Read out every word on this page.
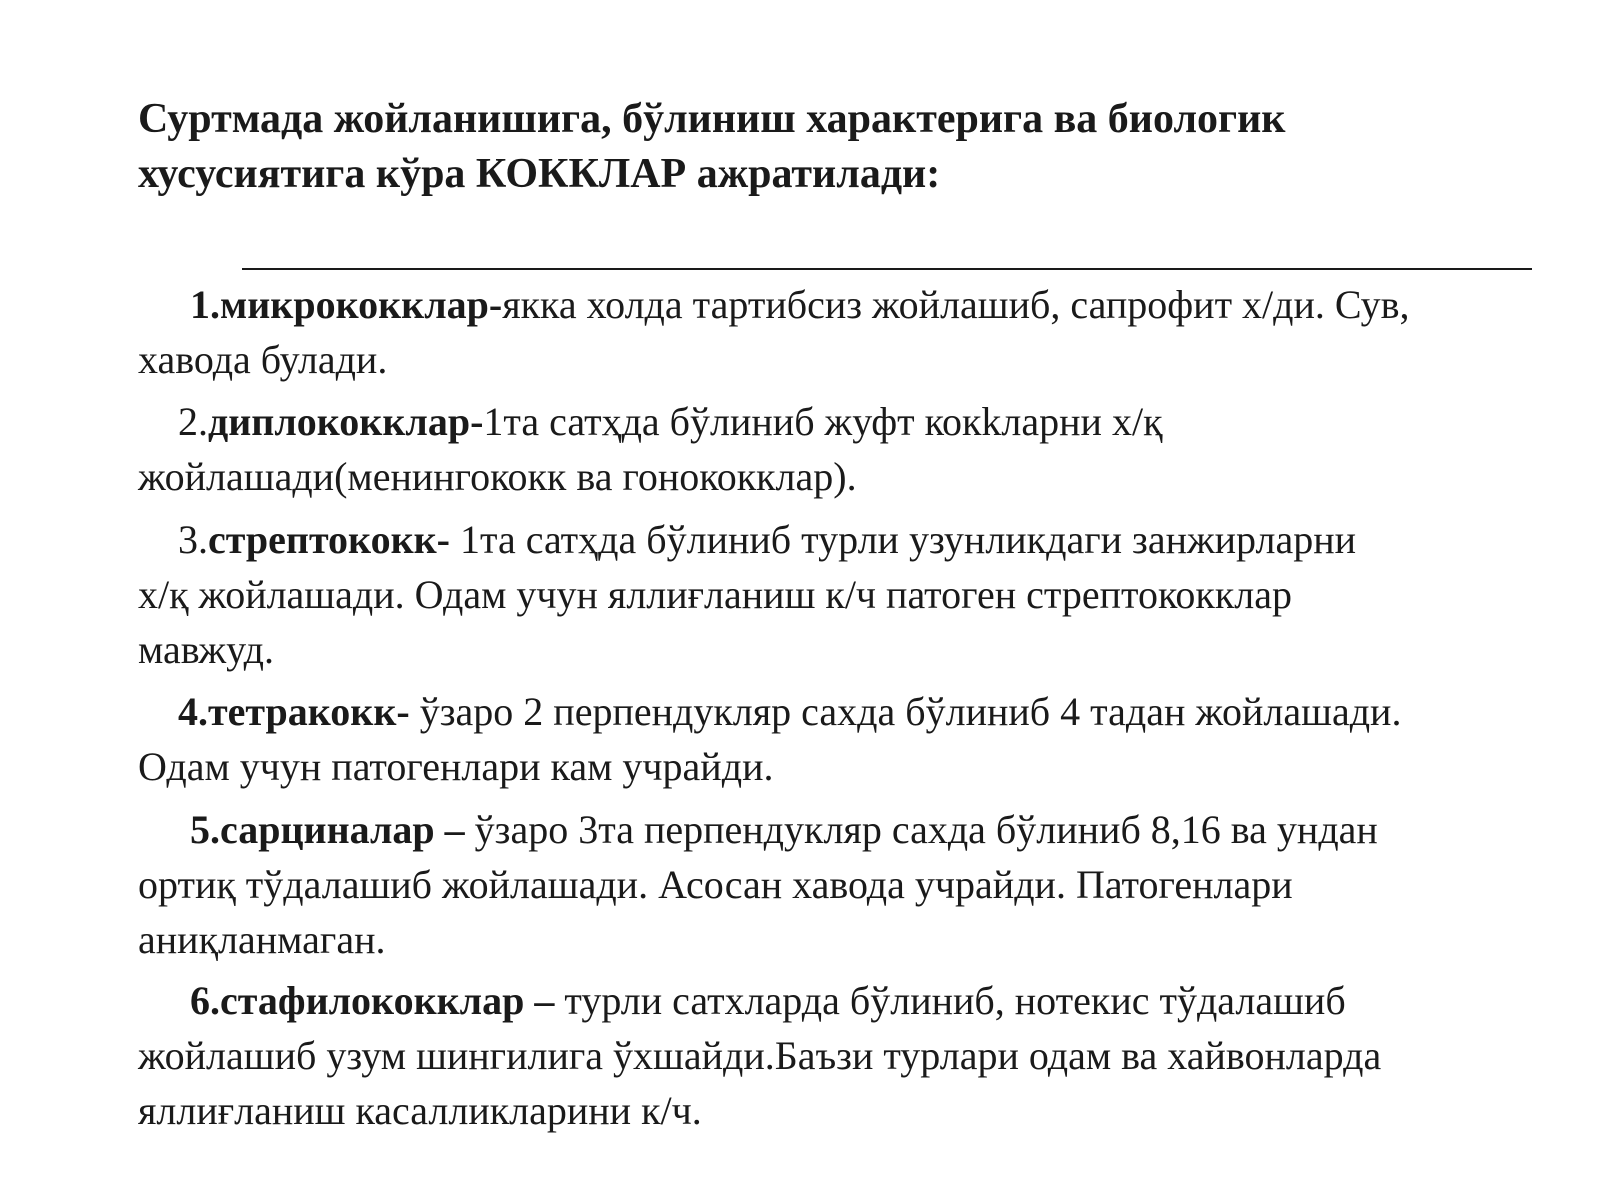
Суртмада жойланишига, бўлиниш характерига ва биологик
хусусиятига кўра КОККЛАР ажратилади:

1.микрококклар-якка холда тартибсиз жойлашиб, сапрофит х/ди. Сув,
хавода булади.

2.диплококклар-1та сатҳда бўлиниб жуфт кокkларни х/қ
жойлашади(менингококк ва гонококклар).

3.стрептококк- 1та сатҳда бўлиниб турли узунликдаги занжирларни
х/қ жойлашади. Одам учун яллиғланиш к/ч патоген стрептококклар
мавжуд.

4.тетракокк- ўзаро 2 перпендукляр сахда бўлиниб 4 тадан жойлашади.
Одам учун патогенлари кам учрайди.

5.сарциналар – ўзаро 3та перпендукляр сахда бўлиниб 8,16 ва ундан
ортиқ тўдалашиб жойлашади. Асосан хавода учрайди. Патогенлари
аниқланмаган.

6.стафилококклар – турли сатхларда бўлиниб, нотекис тўдалашиб
жойлашиб узум шингилига ўхшайди.Баъзи турлари одам ва хайвонларда
яллиғланиш касалликларини к/ч.
